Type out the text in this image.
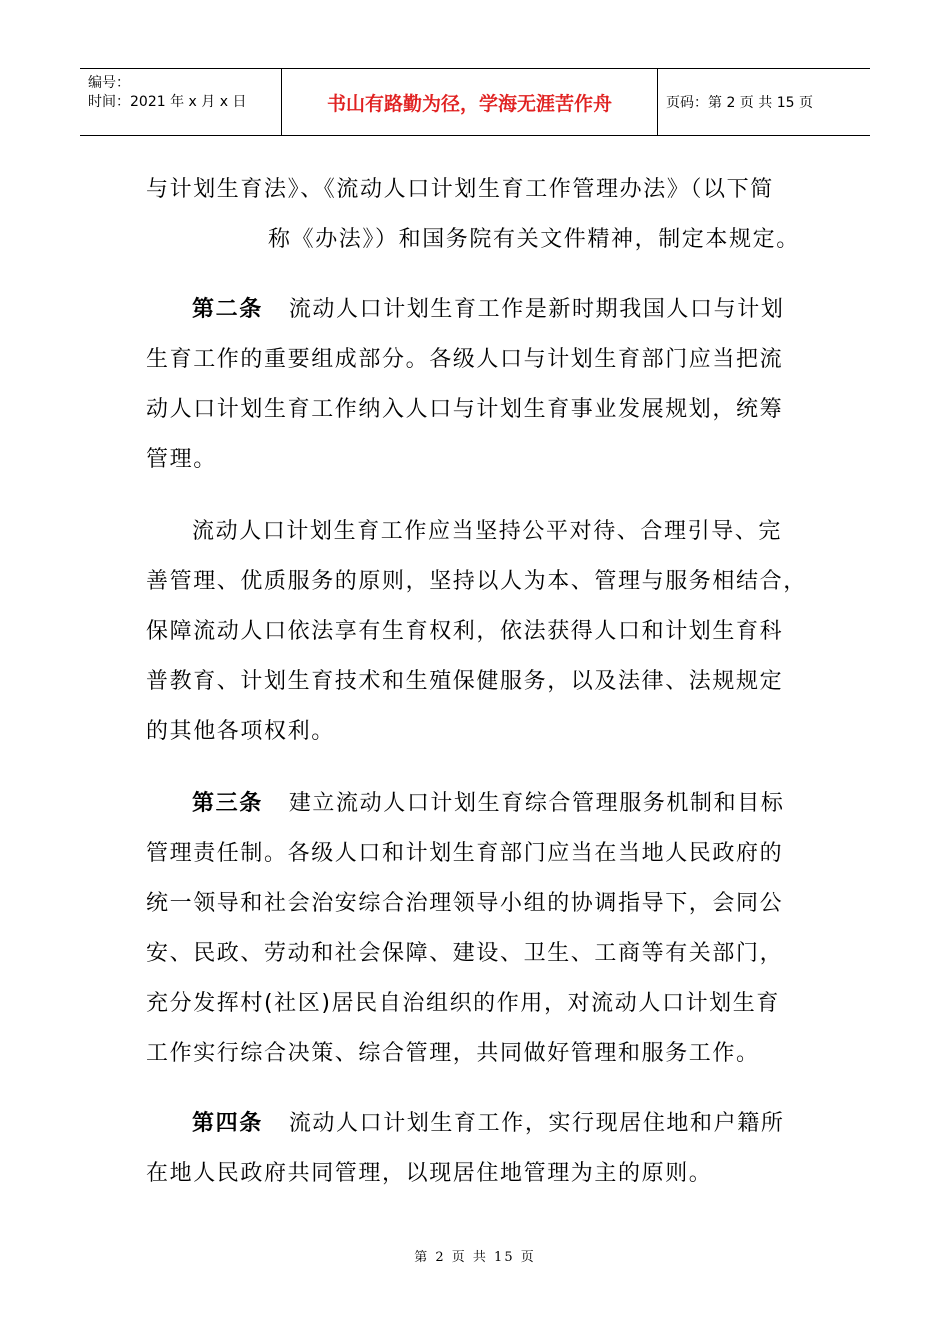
编号：
时间：2021 年 x 月 x 日	书山有路勤为径，学海无涯苦作舟	页码：第 2 页 共 15 页
与计划生育法》、《流动人口计划生育工作管理办法》（以下简
称《办法》）和国务院有关文件精神，制定本规定。
第二条 流动人口计划生育工作是新时期我国人口与计划
生育工作的重要组成部分。各级人口与计划生育部门应当把流
动人口计划生育工作纳入人口与计划生育事业发展规划，统筹
管理。
流动人口计划生育工作应当坚持公平对待、合理引导、完
善管理、优质服务的原则，坚持以人为本、管理与服务相结合，
保障流动人口依法享有生育权利，依法获得人口和计划生育科
普教育、计划生育技术和生殖保健服务，以及法律、法规规定
的其他各项权利。
第三条 建立流动人口计划生育综合管理服务机制和目标
管理责任制。各级人口和计划生育部门应当在当地人民政府的
统一领导和社会治安综合治理领导小组的协调指导下，会同公
安、民政、劳动和社会保障、建设、卫生、工商等有关部门，
充分发挥村(社区)居民自治组织的作用，对流动人口计划生育
工作实行综合决策、综合管理，共同做好管理和服务工作。
第四条 流动人口计划生育工作，实行现居住地和户籍所
在地人民政府共同管理，以现居住地管理为主的原则。
第 2 页 共 15 页
